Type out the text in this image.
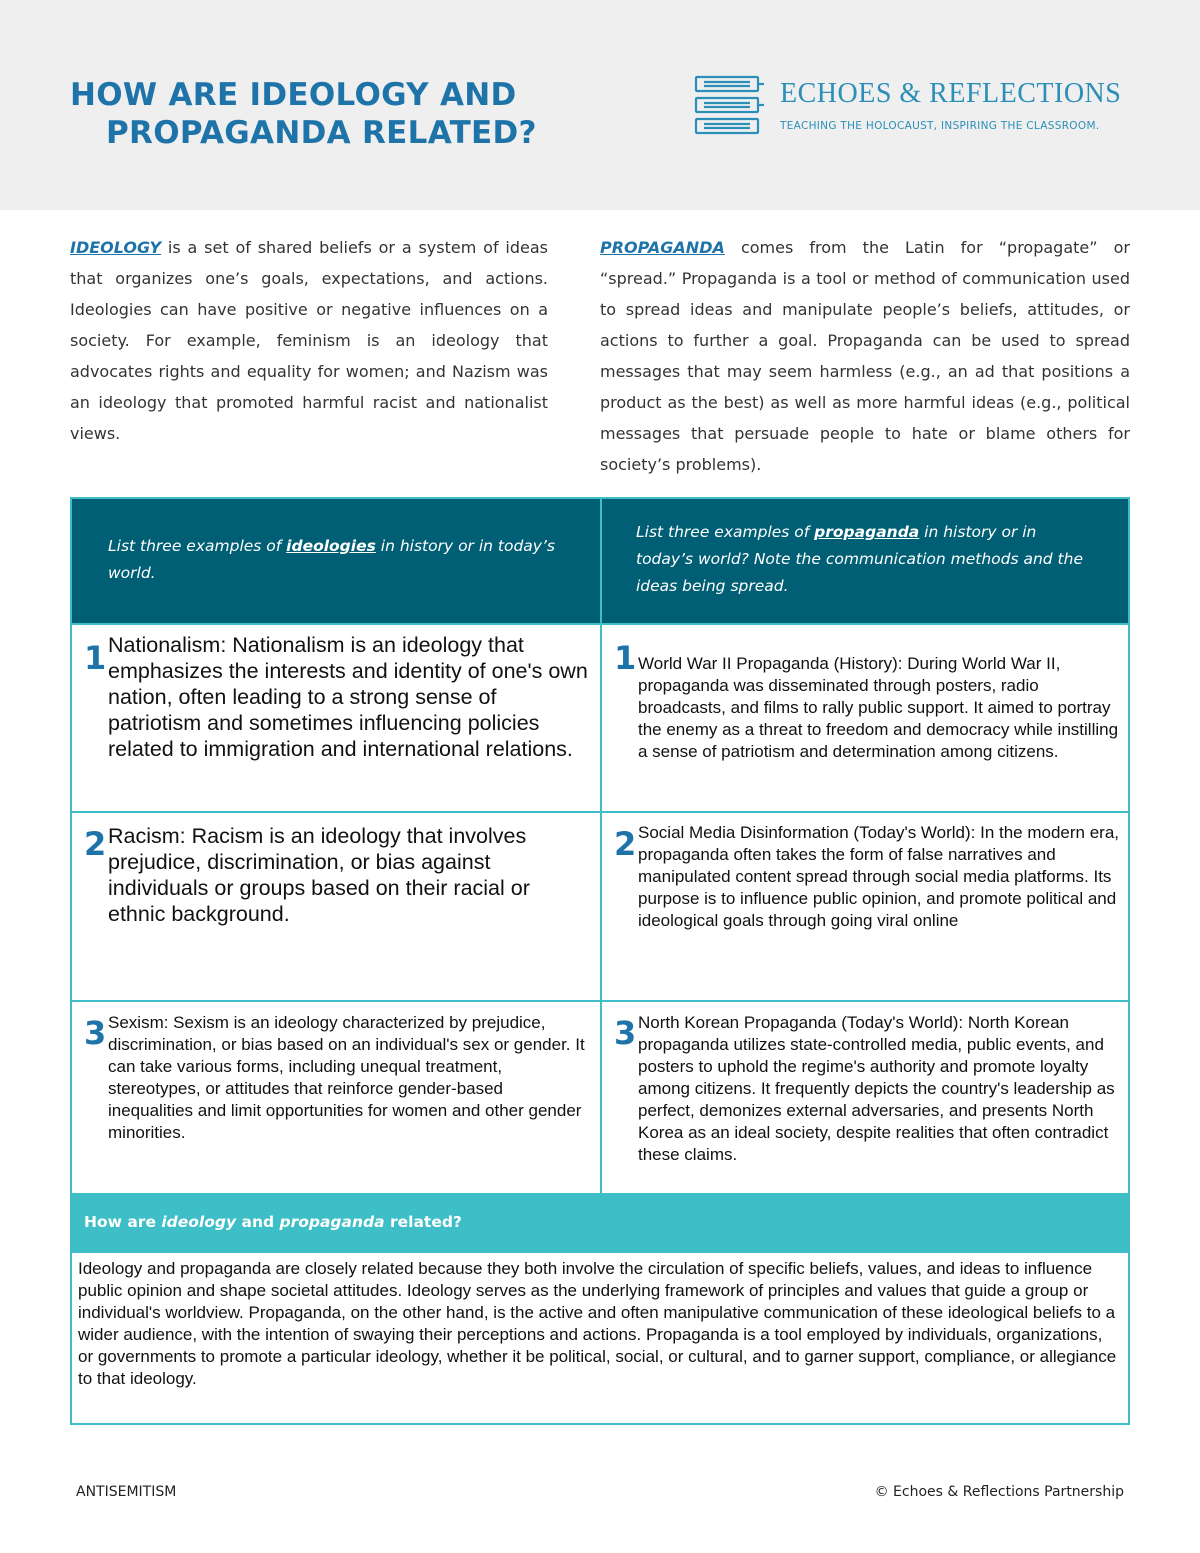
HOW ARE IDEOLOGY AND
PROPAGANDA RELATED?
ECHOES & REFLECTIONS
TEACHING THE HOLOCAUST, INSPIRING THE CLASSROOM.

IDEOLOGY is a set of shared beliefs or a system of ideas that organizes one’s goals, expectations, and actions. Ideologies can have positive or negative influences on a society. For example, feminism is an ideology that advocates rights and equality for women; and Nazism was an ideology that promoted harmful racist and nationalist views.

PROPAGANDA comes from the Latin for “propagate” or “spread.” Propaganda is a tool or method of communication used to spread ideas and manipulate people’s beliefs, attitudes, or actions to further a goal. Propaganda can be used to spread messages that may seem harmless (e.g., an ad that positions a product as the best) as well as more harmful ideas (e.g., political messages that persuade people to hate or blame others for society’s problems).

List three examples of ideologies in history or in today’s world.
List three examples of propaganda in history or in today’s world? Note the communication methods and the ideas being spread.
1 Nationalism: Nationalism is an ideology that emphasizes the interests and identity of one's own nation, often leading to a strong sense of patriotism and sometimes influencing policies related to immigration and international relations.
1 World War II Propaganda (History): During World War II, propaganda was disseminated through posters, radio broadcasts, and films to rally public support. It aimed to portray the enemy as a threat to freedom and democracy while instilling a sense of patriotism and determination among citizens.
2 Racism: Racism is an ideology that involves prejudice, discrimination, or bias against individuals or groups based on their racial or ethnic background.
2 Social Media Disinformation (Today's World): In the modern era, propaganda often takes the form of false narratives and manipulated content spread through social media platforms. Its purpose is to influence public opinion, and promote political and ideological goals through going viral online
3 Sexism: Sexism is an ideology characterized by prejudice, discrimination, or bias based on an individual's sex or gender. It can take various forms, including unequal treatment, stereotypes, or attitudes that reinforce gender-based inequalities and limit opportunities for women and other gender minorities.
3 North Korean Propaganda (Today's World): North Korean propaganda utilizes state-controlled media, public events, and posters to uphold the regime's authority and promote loyalty among citizens. It frequently depicts the country's leadership as perfect, demonizes external adversaries, and presents North Korea as an ideal society, despite realities that often contradict these claims.
How are ideology and propaganda related?
Ideology and propaganda are closely related because they both involve the circulation of specific beliefs, values, and ideas to influence public opinion and shape societal attitudes. Ideology serves as the underlying framework of principles and values that guide a group or individual's worldview. Propaganda, on the other hand, is the active and often manipulative communication of these ideological beliefs to a wider audience, with the intention of swaying their perceptions and actions. Propaganda is a tool employed by individuals, organizations, or governments to promote a particular ideology, whether it be political, social, or cultural, and to garner support, compliance, or allegiance to that ideology.
ANTISEMITISM	© Echoes & Reflections Partnership
